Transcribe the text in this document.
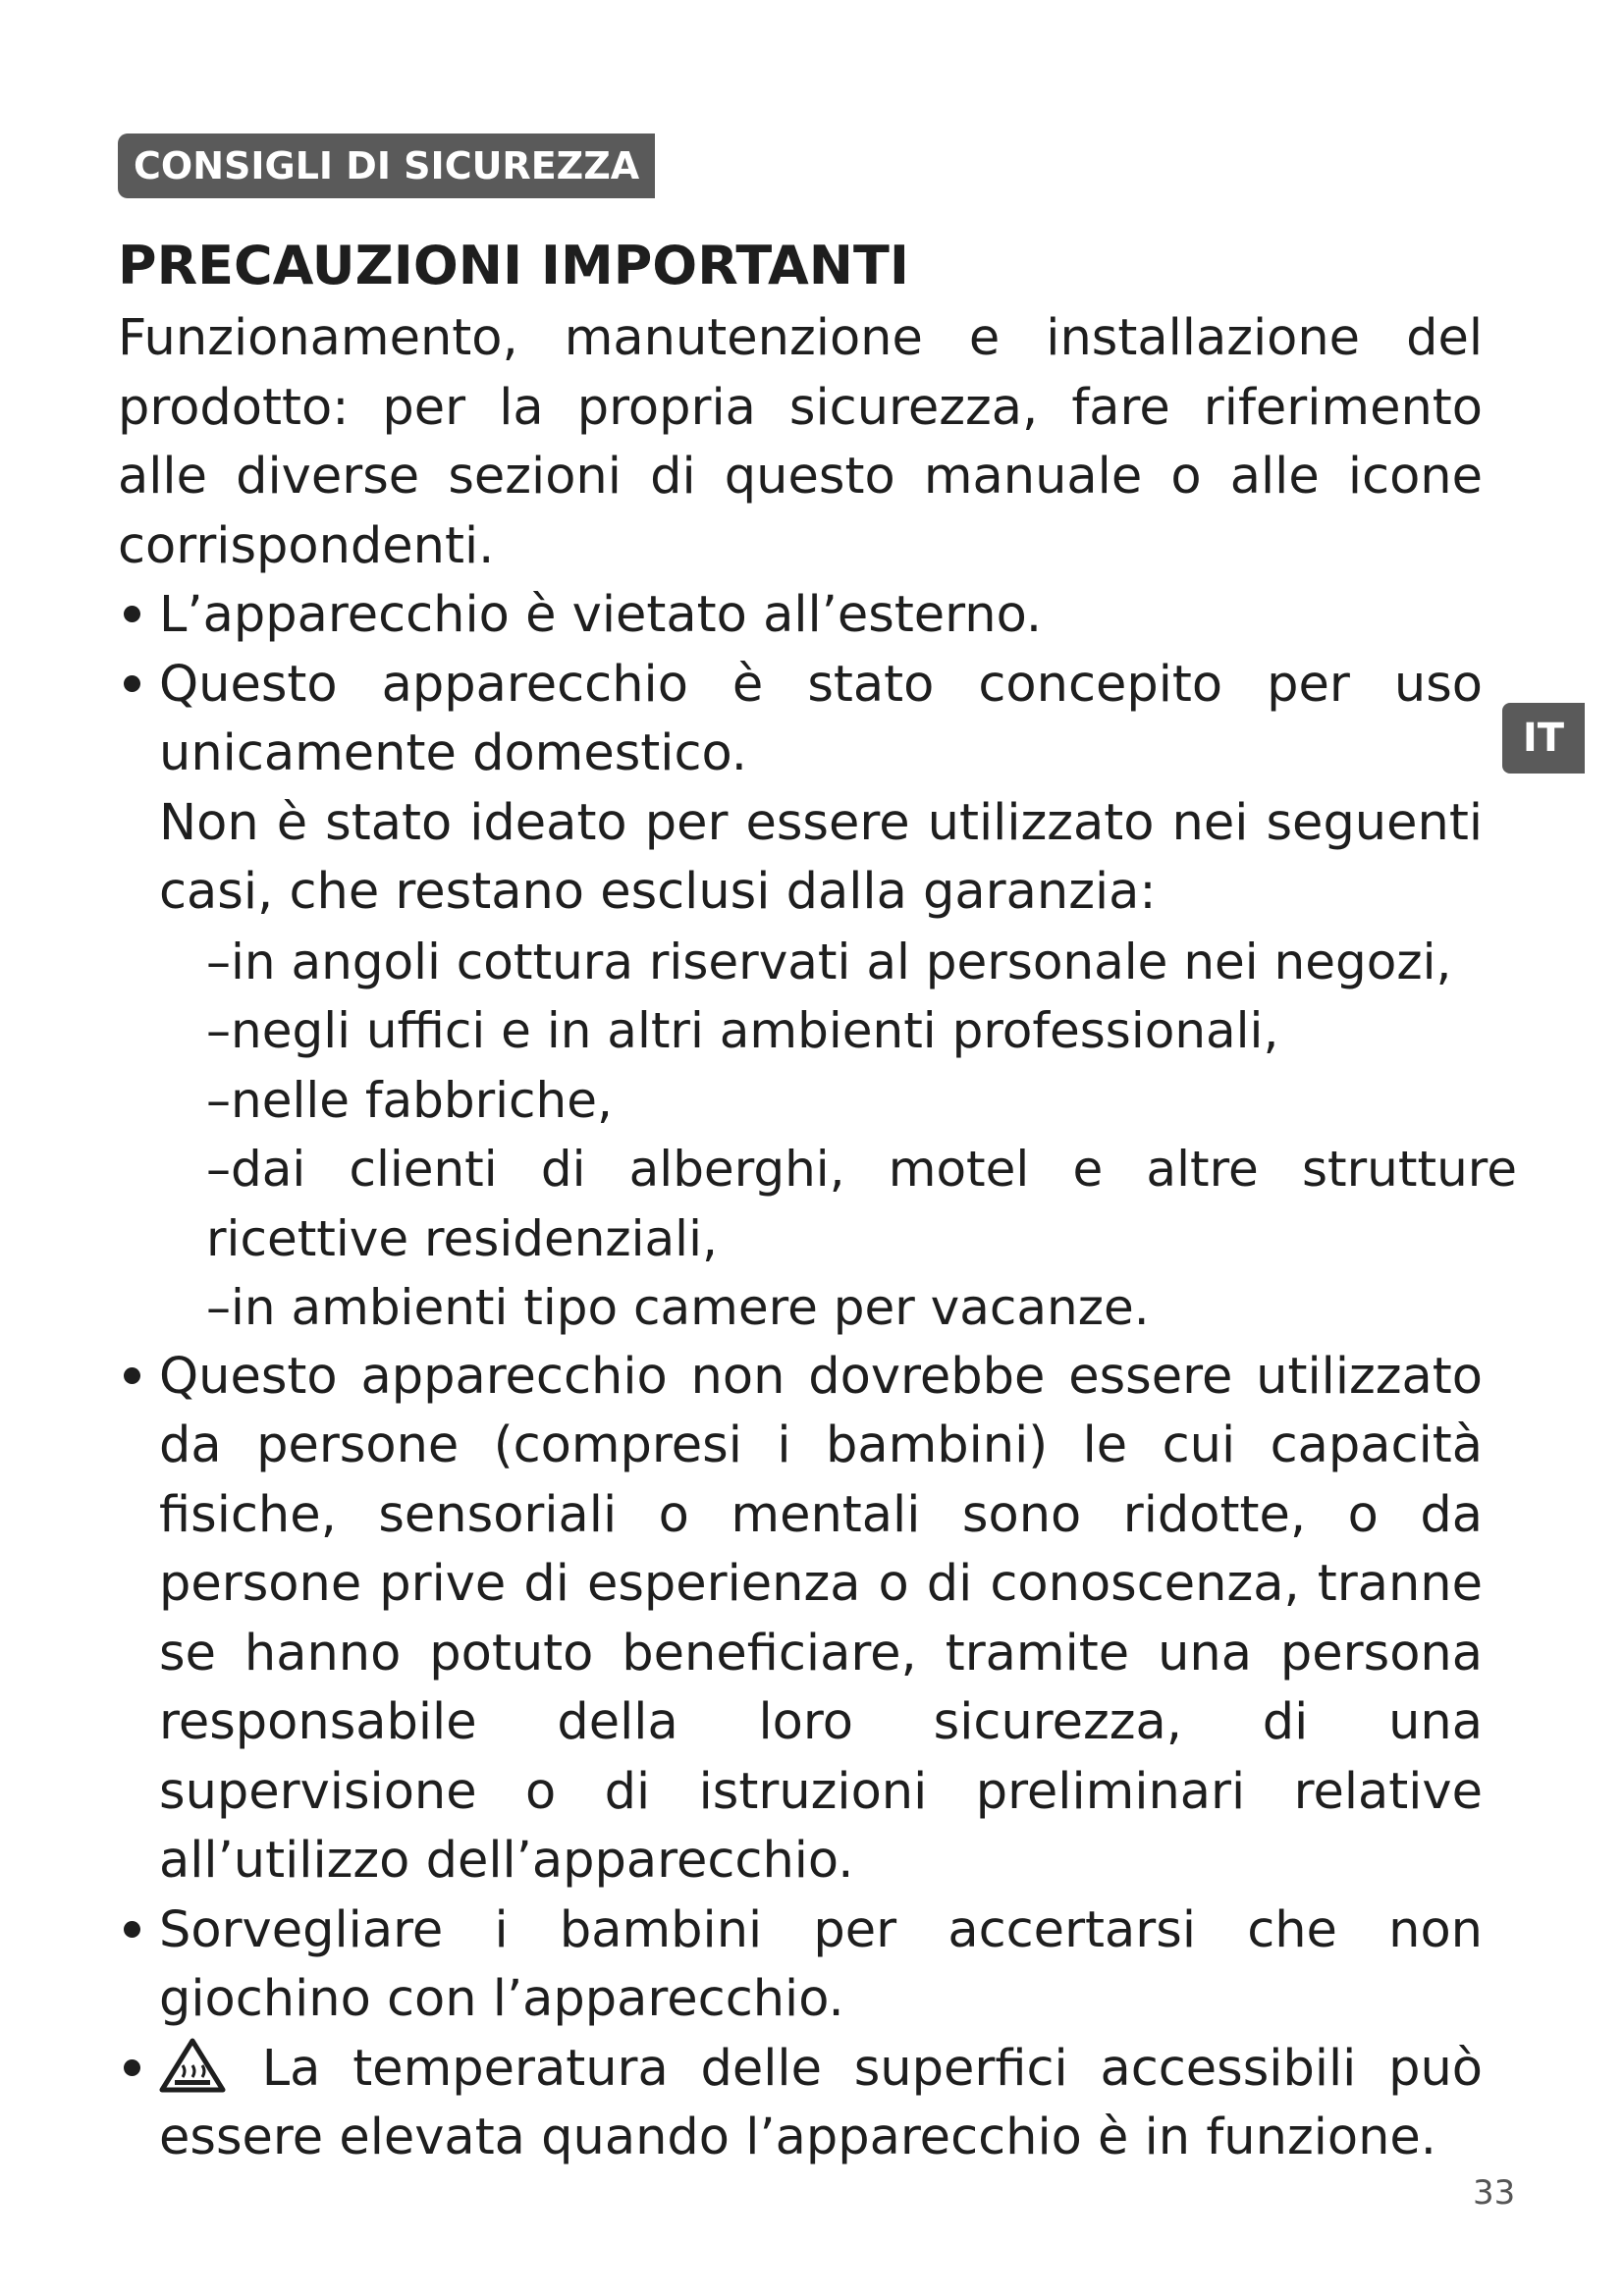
CONSIGLI DI SICUREZZA
IT

PRECAUZIONI IMPORTANTI

Funzionamento, manutenzione e installazione del prodotto: per la propria sicurezza, fare riferimento alle diverse sezioni di questo manuale o alle icone corrispondenti.

L’apparecchio è vietato all’esterno.
Questo apparecchio è stato concepito per uso unicamente domestico.

Non è stato ideato per essere utilizzato nei seguenti casi, che restano esclusi dalla garanzia:

–in angoli cottura riservati al personale nei negozi,

–negli uffici e in altri ambienti professionali,

–nelle fabbriche,

–dai clienti di alberghi, motel e altre strutture ricettive residenziali,

–in ambienti tipo camere per vacanze.

Questo apparecchio non dovrebbe essere utilizzato da persone (compresi i bambini) le cui capacità fisiche, sensoriali o mentali sono ridotte, o da persone prive di esperienza o di conoscenza, tranne se hanno potuto beneficiare, tramite una persona responsabile della loro sicurezza, di una supervisione o di istruzioni preliminari relative all’utilizzo dell’apparecchio.
Sorvegliare i bambini per accertarsi che non giochino con l’apparecchio.
La temperatura delle superfici accessibili può essere elevata quando l’apparecchio è in funzione.
33
